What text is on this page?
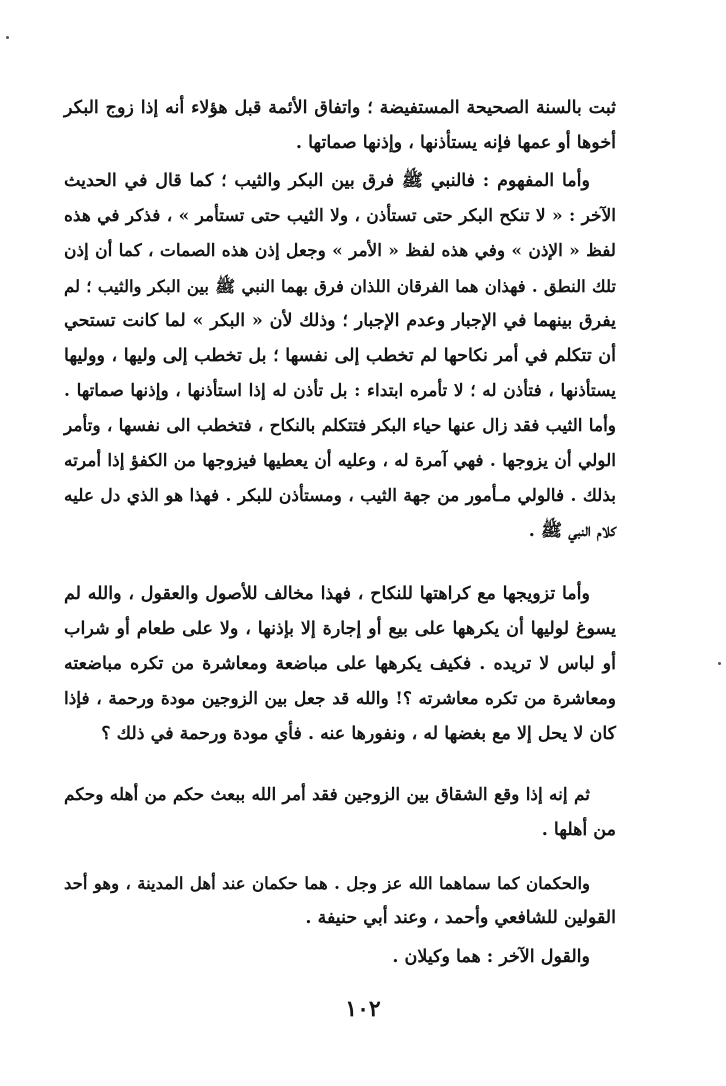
ثبت بالسنة الصحيحة المستفيضة ؛ واتفاق الأئمة قبل هؤلاء أنه إذا زوج البكر
أخوها أو عمها فإنه يستأذنها ، وإذنها صماتها .
وأما المفهوم : فالنبي ﷺ فرق بين البكر والثيب ؛ كما قال في الحديث
الآخر : « لا تنكح البكر حتى تستأذن ، ولا الثيب حتى تستأمر » ، فذكر في هذه
لفظ « الإذن » وفي هذه لفظ « الأمر » وجعل إذن هذه الصمات ، كما أن إذن
تلك النطق . فهذان هما الفرقان اللذان فرق بهما النبي ﷺ بين البكر والثيب ؛ لم
يفرق بينهما في الإجبار وعدم الإجبار ؛ وذلك لأن « البكر » لما كانت تستحي
أن تتكلم في أمر نكاحها لم تخطب إلى نفسها ؛ بل تخطب إلى وليها ، ووليها
يستأذنها ، فتأذن له ؛ لا تأمره ابتداء : بل تأذن له إذا استأذنها ، وإذنها صماتها .
وأما الثيب فقد زال عنها حياء البكر فتتكلم بالنكاح ، فتخطب الى نفسها ، وتأمر
الولي أن يزوجها . فهي آمرة له ، وعليه أن يعطيها فيزوجها من الكفؤ إذا أمرته
بذلك . فالولي مـأمور من جهة الثيب ، ومستأذن للبكر . فهذا هو الذي دل عليه
كلام النبي ﷺ .
وأما تزويجها مع كراهتها للنكاح ، فهذا مخالف للأصول والعقول ، والله لم
يسوغ لوليها أن يكرهها على بيع أو إجارة إلا بإذنها ، ولا على طعام أو شراب
أو لباس لا تريده . فكيف يكرهها على مباضعة ومعاشرة من تكره مباضعته
ومعاشرة من تكره معاشرته ؟! والله قد جعل بين الزوجين مودة ورحمة ، فإذا
كان لا يحل إلا مع بغضها له ، ونفورها عنه . فأي مودة ورحمة في ذلك ؟
ثم إنه إذا وقع الشقاق بين الزوجين فقد أمر الله ببعث حكم من أهله وحكم
من أهلها .
والحكمان كما سماهما الله عز وجل . هما حكمان عند أهل المدينة ، وهو أحد
القولين للشافعي وأحمد ، وعند أبي حنيفة .
والقول الآخر : هما وكيلان .
١٠٢
